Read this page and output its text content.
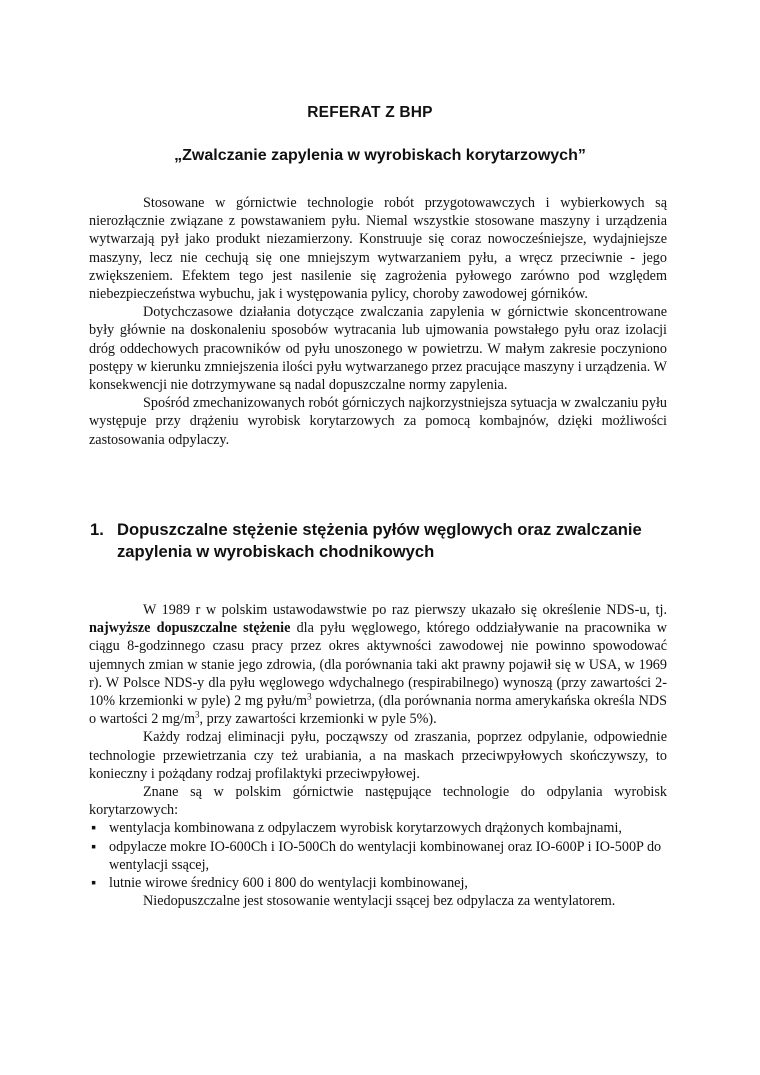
REFERAT Z BHP
„Zwalczanie zapylenia w wyrobiskach korytarzowych”

Stosowane w górnictwie technologie robót przygotowawczych i wybierkowych są nierozłącznie związane z powstawaniem pyłu. Niemal wszystkie stosowane maszyny i urządzenia wytwarzają pył jako produkt niezamierzony. Konstruuje się coraz nowocześniejsze, wydajniejsze maszyny, lecz nie cechują się one mniejszym wytwarzaniem pyłu, a wręcz przeciwnie - jego zwiększeniem. Efektem tego jest nasilenie się zagrożenia pyłowego zarówno pod względem niebezpieczeństwa wybuchu, jak i występowania pylicy, choroby zawodowej górników.

Dotychczasowe działania dotyczące zwalczania zapylenia w górnictwie skoncentrowane były głównie na doskonaleniu sposobów wytracania lub ujmowania powstałego pyłu oraz izolacji dróg oddechowych pracowników od pyłu unoszonego w powietrzu. W małym zakresie poczyniono postępy w kierunku zmniejszenia ilości pyłu wytwarzanego przez pracujące maszyny i urządzenia. W konsekwencji nie dotrzymywane są nadal dopuszczalne normy zapylenia.

Spośród zmechanizowanych robót górniczych najkorzystniejsza sytuacja w zwalczaniu pyłu występuje przy drążeniu wyrobisk korytarzowych za pomocą kombajnów, dzięki możliwości zastosowania odpylaczy.

1. Dopuszczalne stężenie stężenia pyłów węglowych oraz zwalczanie zapylenia w wyrobiskach chodnikowych

W 1989 r w polskim ustawodawstwie po raz pierwszy ukazało się określenie NDS-u, tj. najwyższe dopuszczalne stężenie dla pyłu węglowego, którego oddziaływanie na pracownika w ciągu 8-godzinnego czasu pracy przez okres aktywności zawodowej nie powinno spowodować ujemnych zmian w stanie jego zdrowia, (dla porównania taki akt prawny pojawił się w USA, w 1969 r). W Polsce NDS-y dla pyłu węglowego wdychalnego (respirabilnego) wynoszą (przy zawartości 2-10% krzemionki w pyle) 2 mg pyłu/$m^3$ powietrza, (dla porównania norma amerykańska określa NDS o wartości 2 $mg/m^3$, przy zawartości krzemionki w pyle 5%).

Każdy rodzaj eliminacji pyłu, począwszy od zraszania, poprzez odpylanie, odpowiednie technologie przewietrzania czy też urabiania, a na maskach przeciwpyłowych skończywszy, to konieczny i pożądany rodzaj profilaktyki przeciwpyłowej.

Znane są w polskim górnictwie następujące technologie do odpylania wyrobisk korytarzowych:

▪ wentylacja kombinowana z odpylaczem wyrobisk korytarzowych drążonych kombajnami,
▪ odpylacze mokre IO-600Ch i IO-500Ch do wentylacji kombinowanej oraz IO-600P i IO-500P do wentylacji ssącej,
▪ lutnie wirowe średnicy 600 i 800 do wentylacji kombinowanej,

Niedopuszczalne jest stosowanie wentylacji ssącej bez odpylacza za wentylatorem.
